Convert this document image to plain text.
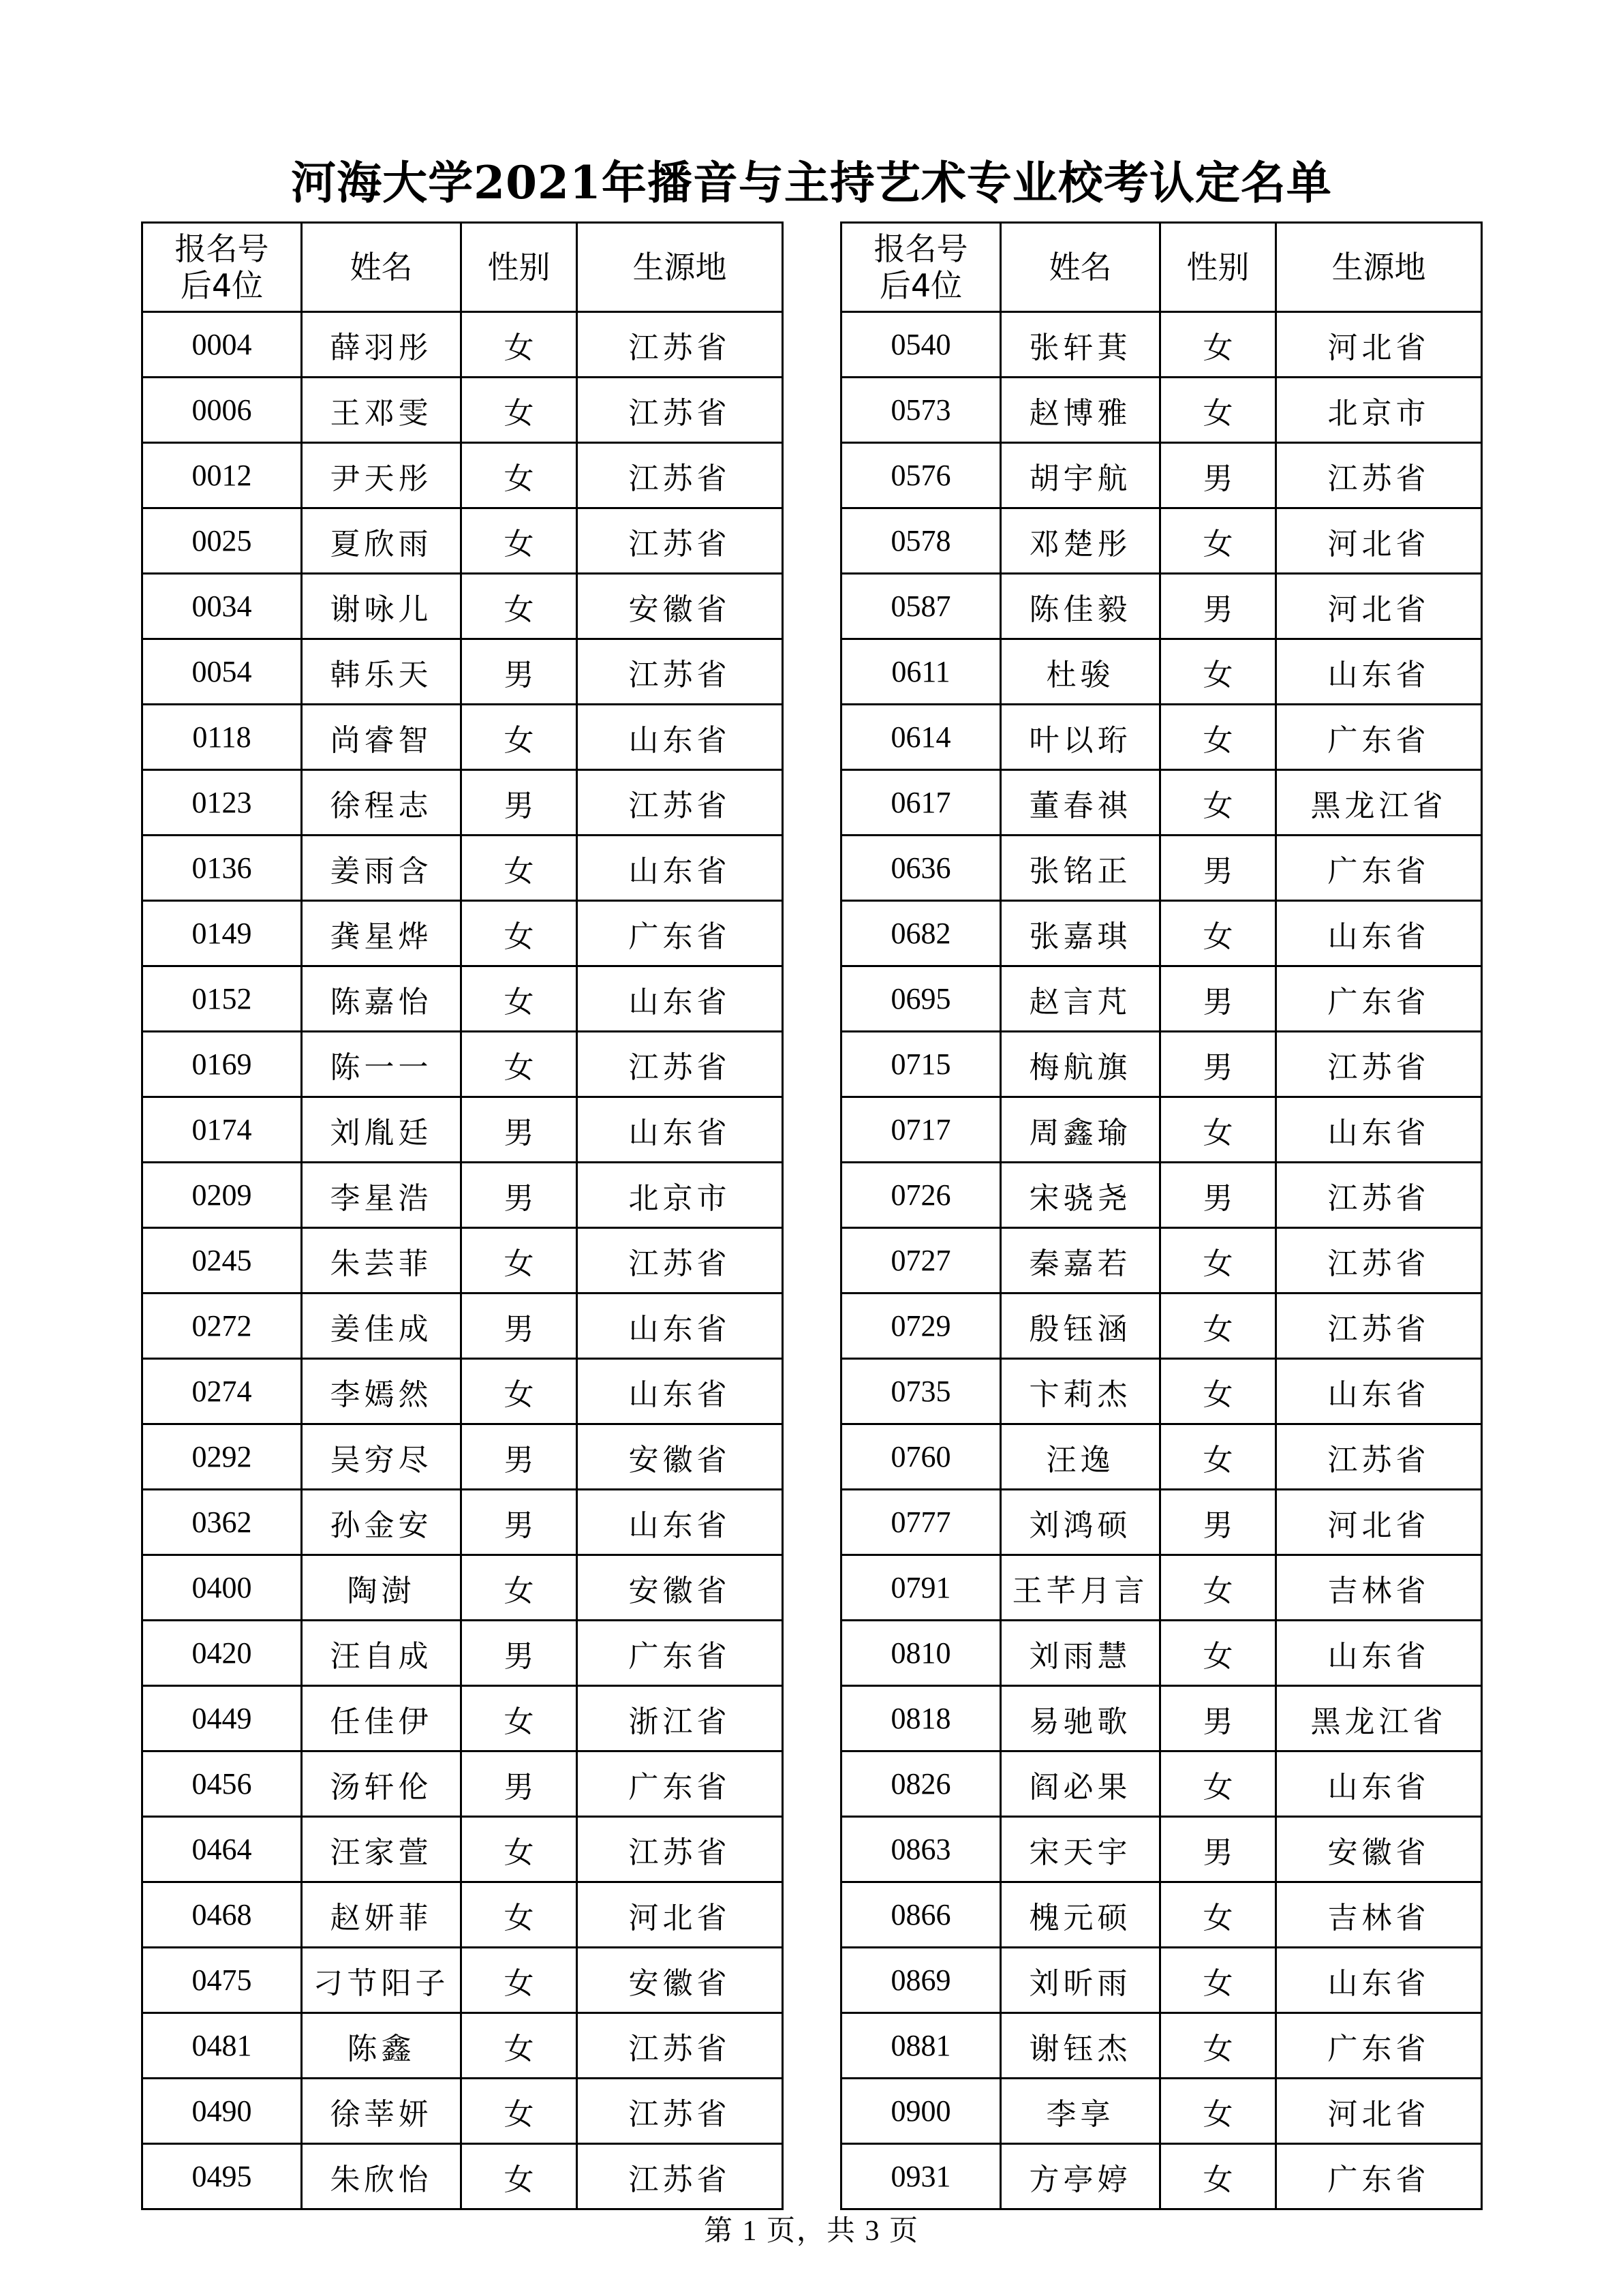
河海大学2021年播音与主持艺术专业校考认定名单
报名号
后4位	姓名	性别	生源地
0004	薛羽彤	女	江苏省
0006	王邓雯	女	江苏省
0012	尹天彤	女	江苏省
0025	夏欣雨	女	江苏省
0034	谢咏儿	女	安徽省
0054	韩乐天	男	江苏省
0118	尚睿智	女	山东省
0123	徐程志	男	江苏省
0136	姜雨含	女	山东省
0149	龚星烨	女	广东省
0152	陈嘉怡	女	山东省
0169	陈一一	女	江苏省
0174	刘胤廷	男	山东省
0209	李星浩	男	北京市
0245	朱芸菲	女	江苏省
0272	姜佳成	男	山东省
0274	李嫣然	女	山东省
0292	吴穷尽	男	安徽省
0362	孙金安	男	山东省
0400	陶澍	女	安徽省
0420	汪自成	男	广东省
0449	任佳伊	女	浙江省
0456	汤轩伦	男	广东省
0464	汪家萱	女	江苏省
0468	赵妍菲	女	河北省
0475	刁节阳子	女	安徽省
0481	陈鑫	女	江苏省
0490	徐莘妍	女	江苏省
0495	朱欣怡	女	江苏省
报名号
后4位	姓名	性别	生源地
0540	张轩萁	女	河北省
0573	赵博雅	女	北京市
0576	胡宇航	男	江苏省
0578	邓楚彤	女	河北省
0587	陈佳毅	男	河北省
0611	杜骏	女	山东省
0614	叶以珩	女	广东省
0617	董春祺	女	黑龙江省
0636	张铭正	男	广东省
0682	张嘉琪	女	山东省
0695	赵言芃	男	广东省
0715	梅航旗	男	江苏省
0717	周鑫瑜	女	山东省
0726	宋骁尧	男	江苏省
0727	秦嘉若	女	江苏省
0729	殷钰涵	女	江苏省
0735	卞莉杰	女	山东省
0760	汪逸	女	江苏省
0777	刘鸿硕	男	河北省
0791	王芊月言	女	吉林省
0810	刘雨慧	女	山东省
0818	易驰歌	男	黑龙江省
0826	阎必果	女	山东省
0863	宋天宇	男	安徽省
0866	槐元硕	女	吉林省
0869	刘昕雨	女	山东省
0881	谢钰杰	女	广东省
0900	李享	女	河北省
0931	方亭婷	女	广东省
第 1 页，共 3 页
